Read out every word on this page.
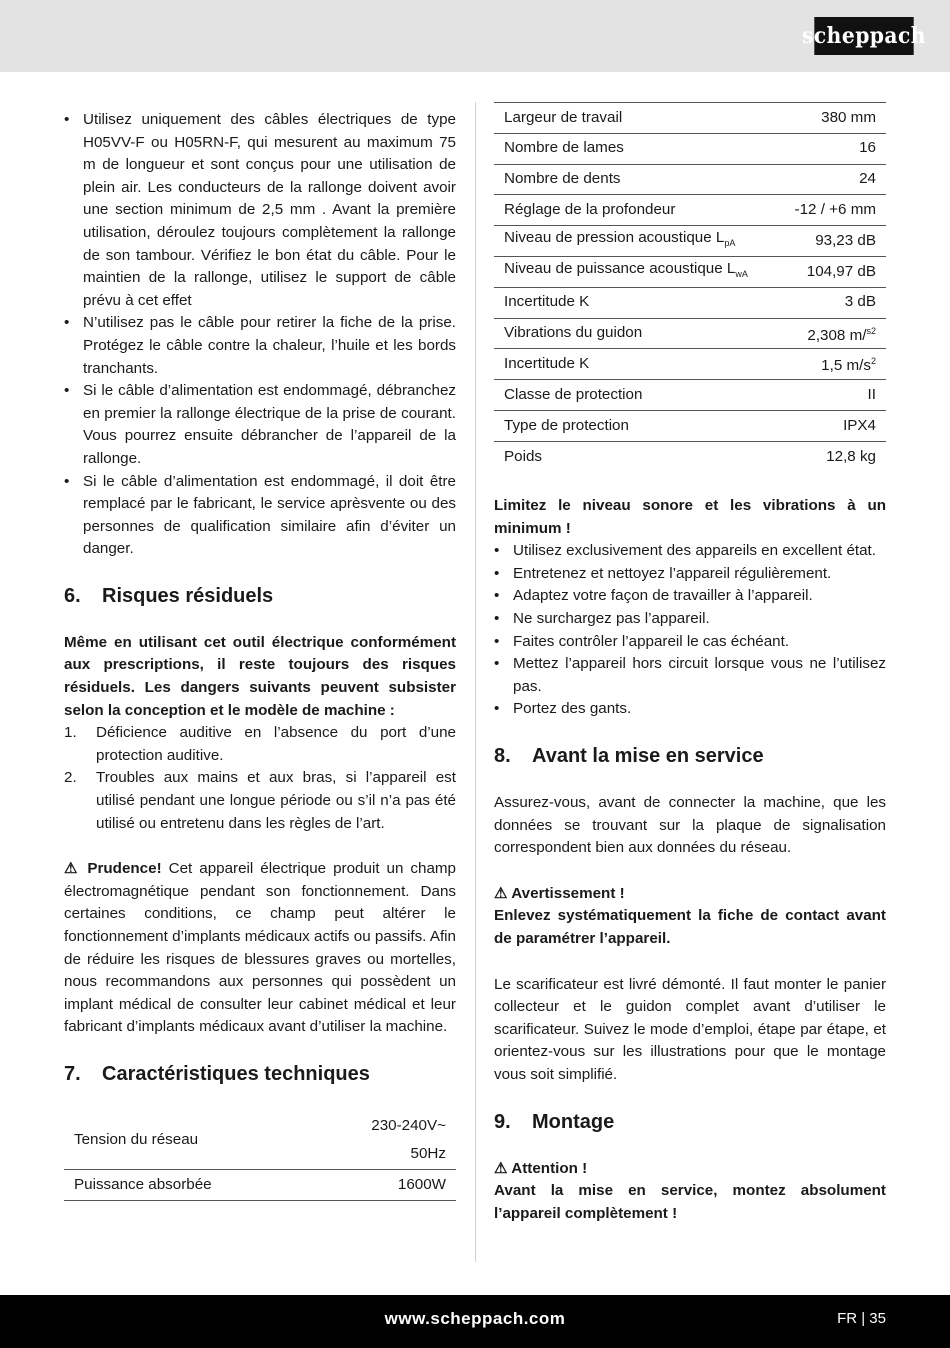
scheppach
• Utilisez uniquement des câbles électriques de type H05VV-F ou H05RN-F, qui mesurent au maximum 75 m de longueur et sont conçus pour une utilisation de plein air. Les conducteurs de la rallonge doivent avoir une section minimum de 2,5 mm . Avant la première utilisation, déroulez toujours complètement la rallonge de son tambour. Vérifiez le bon état du câble. Pour le maintien de la rallonge, utilisez le support de câble prévu à cet effet
• N’utilisez pas le câble pour retirer la fiche de la prise. Protégez le câble contre la chaleur, l’huile et les bords tranchants.
• Si le câble d’alimentation est endommagé, débranchez en premier la rallonge électrique de la prise de courant. Vous pourrez ensuite débrancher de l’appareil de la rallonge.
• Si le câble d’alimentation est endommagé, il doit être remplacé par le fabricant, le service aprèsvente ou des personnes de qualification similaire afin d’éviter un danger.
6.	Risques résiduels

Même en utilisant cet outil électrique conformément aux prescriptions, il reste toujours des risques résiduels. Les dangers suivants peuvent subsister selon la conception et le modèle de machine :

1. Déficience auditive en l’absence du port d’une protection auditive.
2. Troubles aux mains et aux bras, si l’appareil est utilisé pendant une longue période ou s’il n’a pas été utilisé ou entretenu dans les règles de l’art.

⚠ Prudence! Cet appareil électrique produit un champ électromagnétique pendant son fonctionnement. Dans certaines conditions, ce champ peut altérer le fonctionnement d’implants médicaux actifs ou passifs. Afin de réduire les risques de blessures graves ou mortelles, nous recommandons aux personnes qui possèdent un implant médical de consulter leur cabinet médical et leur fabricant d’implants médicaux avant d’utiliser la machine.

7.	Caractéristiques techniques
Tension du réseau	230-240V~
50Hz
Puissance absorbée	1600W
Largeur de travail	380 mm
Nombre de lames	16
Nombre de dents	24
Réglage de la profondeur	-12 / +6 mm
Niveau de pression acoustique $L_{pA}$	93,23 dB
Niveau de puissance acoustique $L_{wA}$	104,97 dB
Incertitude K	3 dB
Vibrations du guidon	2,308 m/$^{s2}$
Incertitude K	1,5 $m/s^2$
Classe de protection	II
Type de protection	IPX4
Poids	12,8 kg

Limitez le niveau sonore et les vibrations à un minimum !

• Utilisez exclusivement des appareils en excellent état.
• Entretenez et nettoyez l’appareil régulièrement.
• Adaptez votre façon de travailler à l’appareil.
• Ne surchargez pas l’appareil.
• Faites contrôler l’appareil le cas échéant.
• Mettez l’appareil hors circuit lorsque vous ne l’utilisez pas.
• Portez des gants.
8.	Avant la mise en service

Assurez-vous, avant de connecter la machine, que les données se trouvant sur la plaque de signalisation correspondent bien aux données du réseau.

⚠ Avertissement !

Enlevez systématiquement la fiche de contact avant de paramétrer l’appareil.

Le scarificateur est livré démonté. Il faut monter le panier collecteur et le guidon complet avant d’utiliser le scarificateur. Suivez le mode d’emploi, étape par étape, et orientez-vous sur les illustrations pour que le montage vous soit simplifié.

9.	Montage

⚠ Attention !

Avant la mise en service, montez absolument l’appareil complètement !

www.scheppach.com	FR | 35
